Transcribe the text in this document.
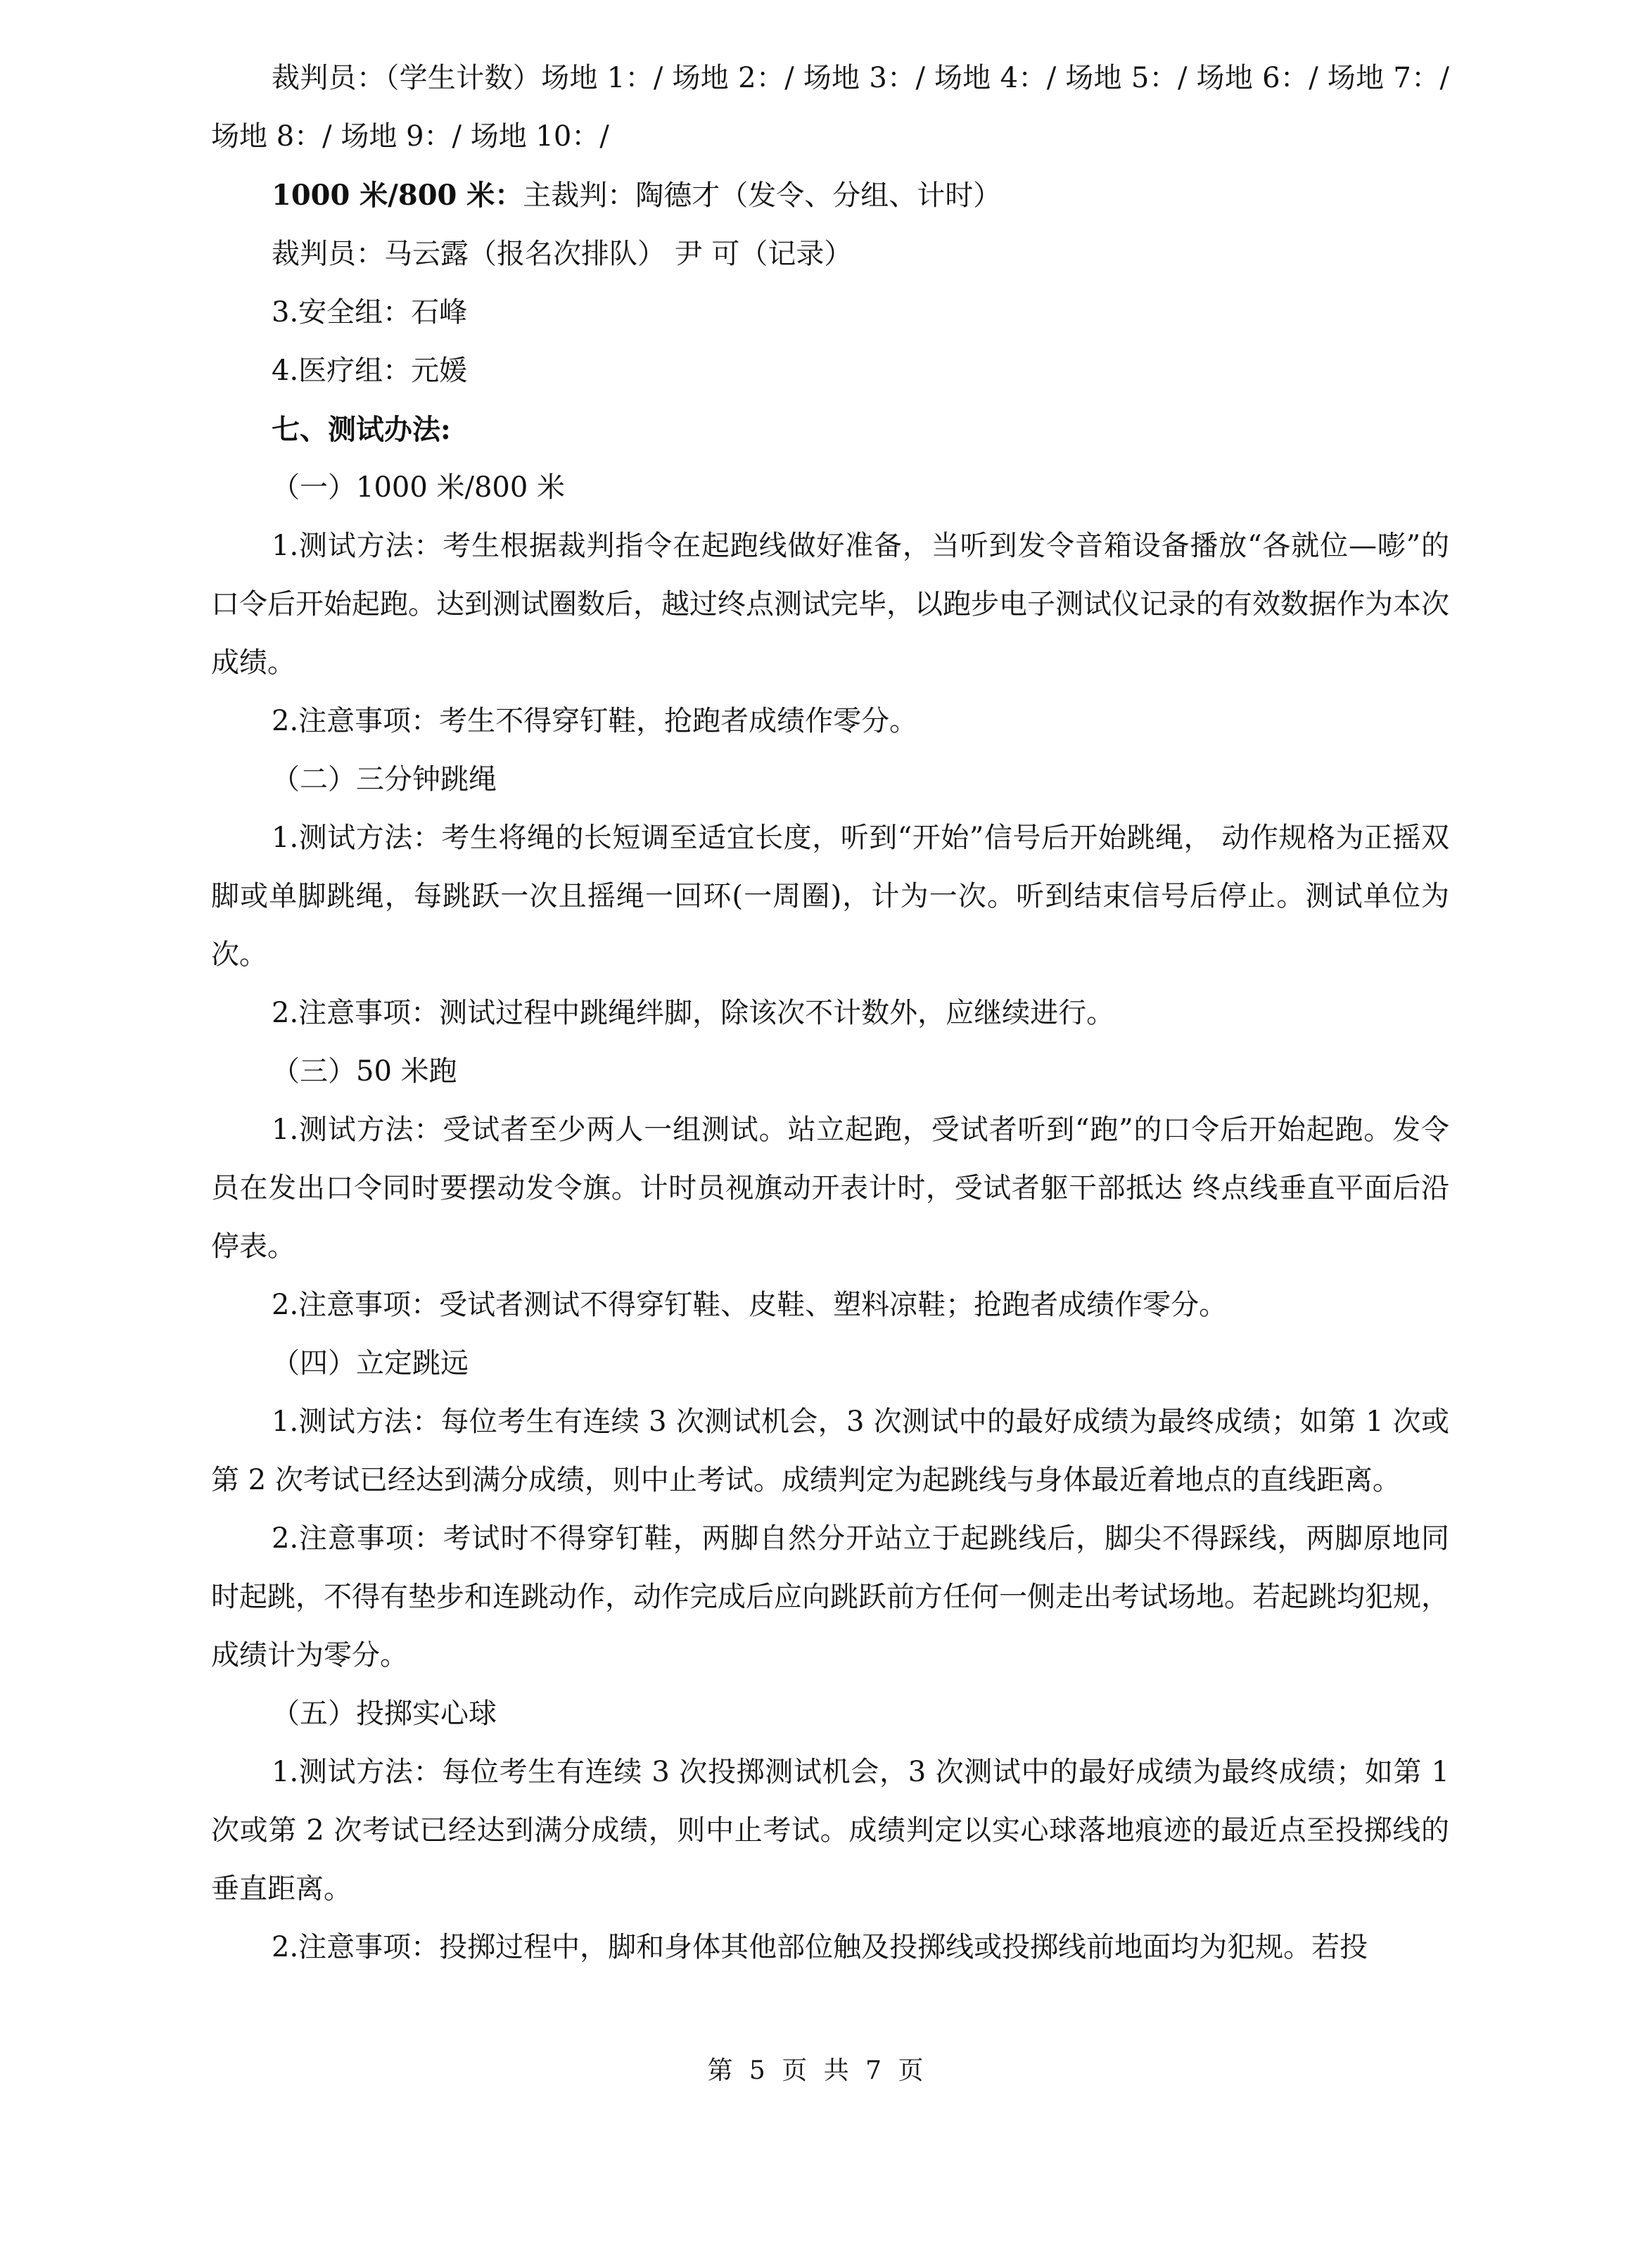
裁判员：（学生计数）场地 1：/ 场地 2：/ 场地 3：/ 场地 4：/ 场地 5：/ 场地 6：/ 场地 7：/ 场地 8：/ 场地 9：/ 场地 10：/

1000 米/800 米：主裁判：陶德才（发令、分组、计时）

裁判员：马云露（报名次排队） 尹 可（记录）

3.安全组：石峰

4.医疗组：元媛

七、测试办法:

（一）1000 米/800 米

1.测试方法：考生根据裁判指令在起跑线做好准备，当听到发令音箱设备播放“各就位—嘭”的口令后开始起跑。达到测试圈数后，越过终点测试完毕，以跑步电子测试仪记录的有效数据作为本次成绩。

2.注意事项：考生不得穿钉鞋，抢跑者成绩作零分。

（二）三分钟跳绳

1.测试方法：考生将绳的长短调至适宜长度，听到“开始”信号后开始跳绳， 动作规格为正摇双脚或单脚跳绳，每跳跃一次且摇绳一回环(一周圈)，计为一次。听到结束信号后停止。测试单位为次。

2.注意事项：测试过程中跳绳绊脚，除该次不计数外，应继续进行。

（三）50 米跑

1.测试方法：受试者至少两人一组测试。站立起跑，受试者听到“跑”的口令后开始起跑。发令员在发出口令同时要摆动发令旗。计时员视旗动开表计时，受试者躯干部抵达 终点线垂直平面后沿停表。

2.注意事项：受试者测试不得穿钉鞋、皮鞋、塑料凉鞋；抢跑者成绩作零分。

（四）立定跳远

1.测试方法：每位考生有连续 3 次测试机会，3 次测试中的最好成绩为最终成绩；如第 1 次或第 2 次考试已经达到满分成绩，则中止考试。成绩判定为起跳线与身体最近着地点的直线距离。

2.注意事项：考试时不得穿钉鞋，两脚自然分开站立于起跳线后，脚尖不得踩线，两脚原地同时起跳，不得有垫步和连跳动作，动作完成后应向跳跃前方任何一侧走出考试场地。若起跳均犯规，成绩计为零分。

（五）投掷实心球

1.测试方法：每位考生有连续 3 次投掷测试机会，3 次测试中的最好成绩为最终成绩；如第 1 次或第 2 次考试已经达到满分成绩，则中止考试。成绩判定以实心球落地痕迹的最近点至投掷线的垂直距离。

2.注意事项：投掷过程中，脚和身体其他部位触及投掷线或投掷线前地面均为犯规。若投

第 5 页 共 7 页
